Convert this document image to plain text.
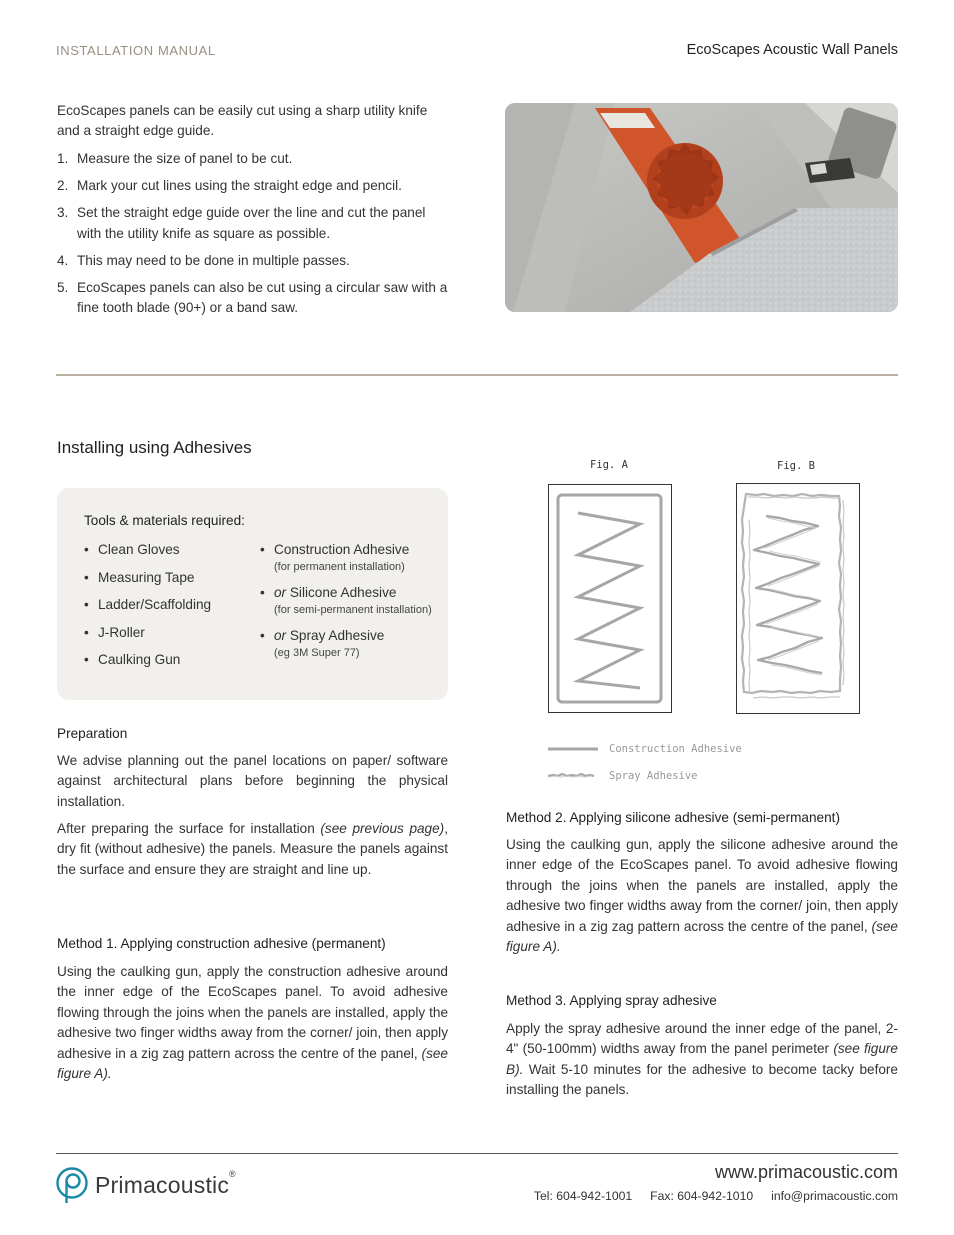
INSTALLATION MANUAL	EcoScapes Acoustic Wall Panels
EcoScapes panels can be easily cut using a sharp utility knife and a straight edge guide.
1. Measure the size of panel to be cut.
2. Mark your cut lines using the straight edge and pencil.
3. Set the straight edge guide over the line and cut the panel with the utility knife as square as possible.
4. This may need to be done in multiple passes.
5. EcoScapes panels can also be cut using a circular saw with a fine tooth blade (90+) or a band saw.
Installing using Adhesives
Tools & materials required:
• Clean Gloves
• Measuring Tape
• Ladder/Scaffolding
• J-Roller
• Caulking Gun
• Construction Adhesive
(for permanent installation)
• or Silicone Adhesive
(for semi-permanent installation)
• or Spray Adhesive
(eg 3M Super 77)
Preparation
We advise planning out the panel locations on paper/ software against architectural plans before beginning the physical installation.
After preparing the surface for installation (see previous page), dry fit (without adhesive) the panels. Measure the panels against the surface and ensure they are straight and line up.
Method 1. Applying construction adhesive (permanent)
Using the caulking gun, apply the construction adhesive around the inner edge of the EcoScapes panel. To avoid adhesive flowing through the joins when the panels are installed, apply the adhesive two finger widths away from the corner/ join, then apply adhesive in a zig zag pattern across the centre of the panel, (see figure A).
Fig. A	Fig. B
Construction Adhesive
Spray Adhesive
Method 2. Applying silicone adhesive (semi-permanent)
Using the caulking gun, apply the silicone adhesive around the inner edge of the EcoScapes panel. To avoid adhesive flowing through the joins when the panels are installed, apply the adhesive two finger widths away from the corner/ join, then apply adhesive in a zig zag pattern across the centre of the panel, (see figure A).
Method 3. Applying spray adhesive
Apply the spray adhesive around the inner edge of the panel, 2-4" (50-100mm) widths away from the panel perimeter (see figure B). Wait 5-10 minutes for the adhesive to become tacky before installing the panels.
Primacoustic ®	www.primacoustic.com
Tel: 604-942-1001 Fax: 604-942-1010 info@primacoustic.com
